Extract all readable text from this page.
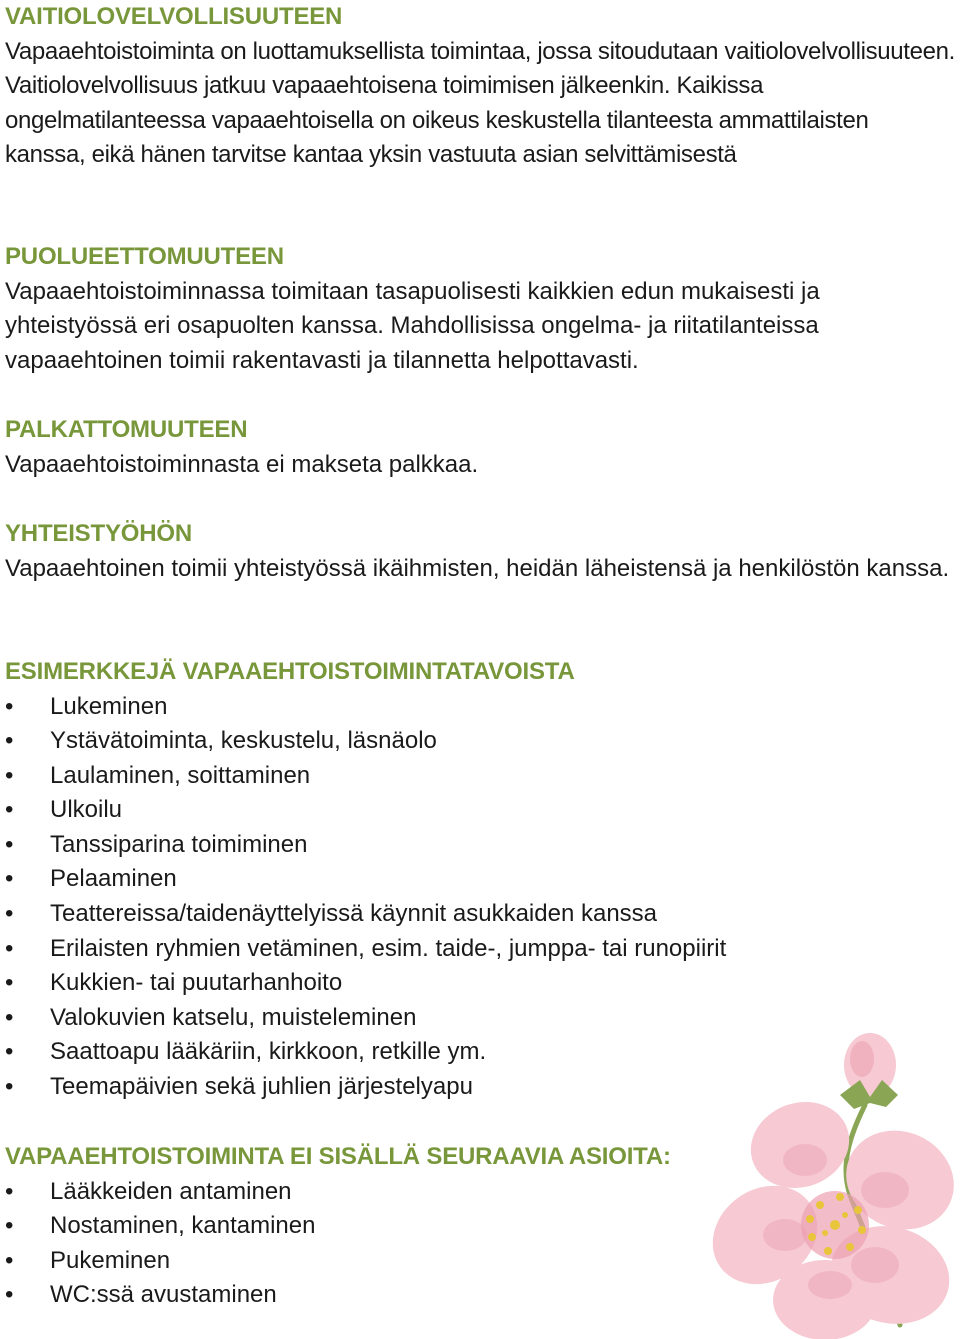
VAITIOLOVELVOLLISUUTEEN

Vapaaehtoistoiminta on luottamuksellista toimintaa, jossa sitoudutaan vaitiolovelvollisuuteen. Vaitiolovelvollisuus jatkuu vapaaehtoisena toimimisen jälkeenkin. Kaikissa ongelmatilanteessa vapaaehtoisella on oikeus keskustella tilanteesta ammattilaisten kanssa, eikä hänen tarvitse kantaa yksin vastuuta asian selvittämisestä

PUOLUEETTOMUUTEEN

Vapaaehtoistoiminnassa toimitaan tasapuolisesti kaikkien edun mukaisesti ja yhteistyössä eri osapuolten kanssa. Mahdollisissa ongelma- ja riitatilanteissa vapaaehtoinen toimii rakentavasti ja tilannetta helpottavasti.

PALKATTOMUUTEEN

Vapaaehtoistoiminnasta ei makseta palkkaa.

YHTEISTYÖHÖN

Vapaaehtoinen toimii yhteistyössä ikäihmisten, heidän läheistensä ja henkilöstön kanssa.

ESIMERKKEJÄ VAPAAEHTOISTOIMINTATAVOISTA
•	Lukeminen
•	Ystävätoiminta, keskustelu, läsnäolo
•	Laulaminen, soittaminen
•	Ulkoilu
•	Tanssiparina toimiminen
•	Pelaaminen
•	Teattereissa/taidenäyttelyissä käynnit asukkaiden kanssa
•	Erilaisten ryhmien vetäminen, esim. taide-, jumppa- tai runopiirit
•	Kukkien- tai puutarhanhoito
•	Valokuvien katselu, muisteleminen
•	Saattoapu lääkäriin, kirkkoon, retkille ym.
•	Teemapäivien sekä juhlien järjestelyapu
VAPAAEHTOISTOIMINTA EI SISÄLLÄ SEURAAVIA ASIOITA:
•	Lääkkeiden antaminen
•	Nostaminen, kantaminen
•	Pukeminen
•	WC:ssä avustaminen
